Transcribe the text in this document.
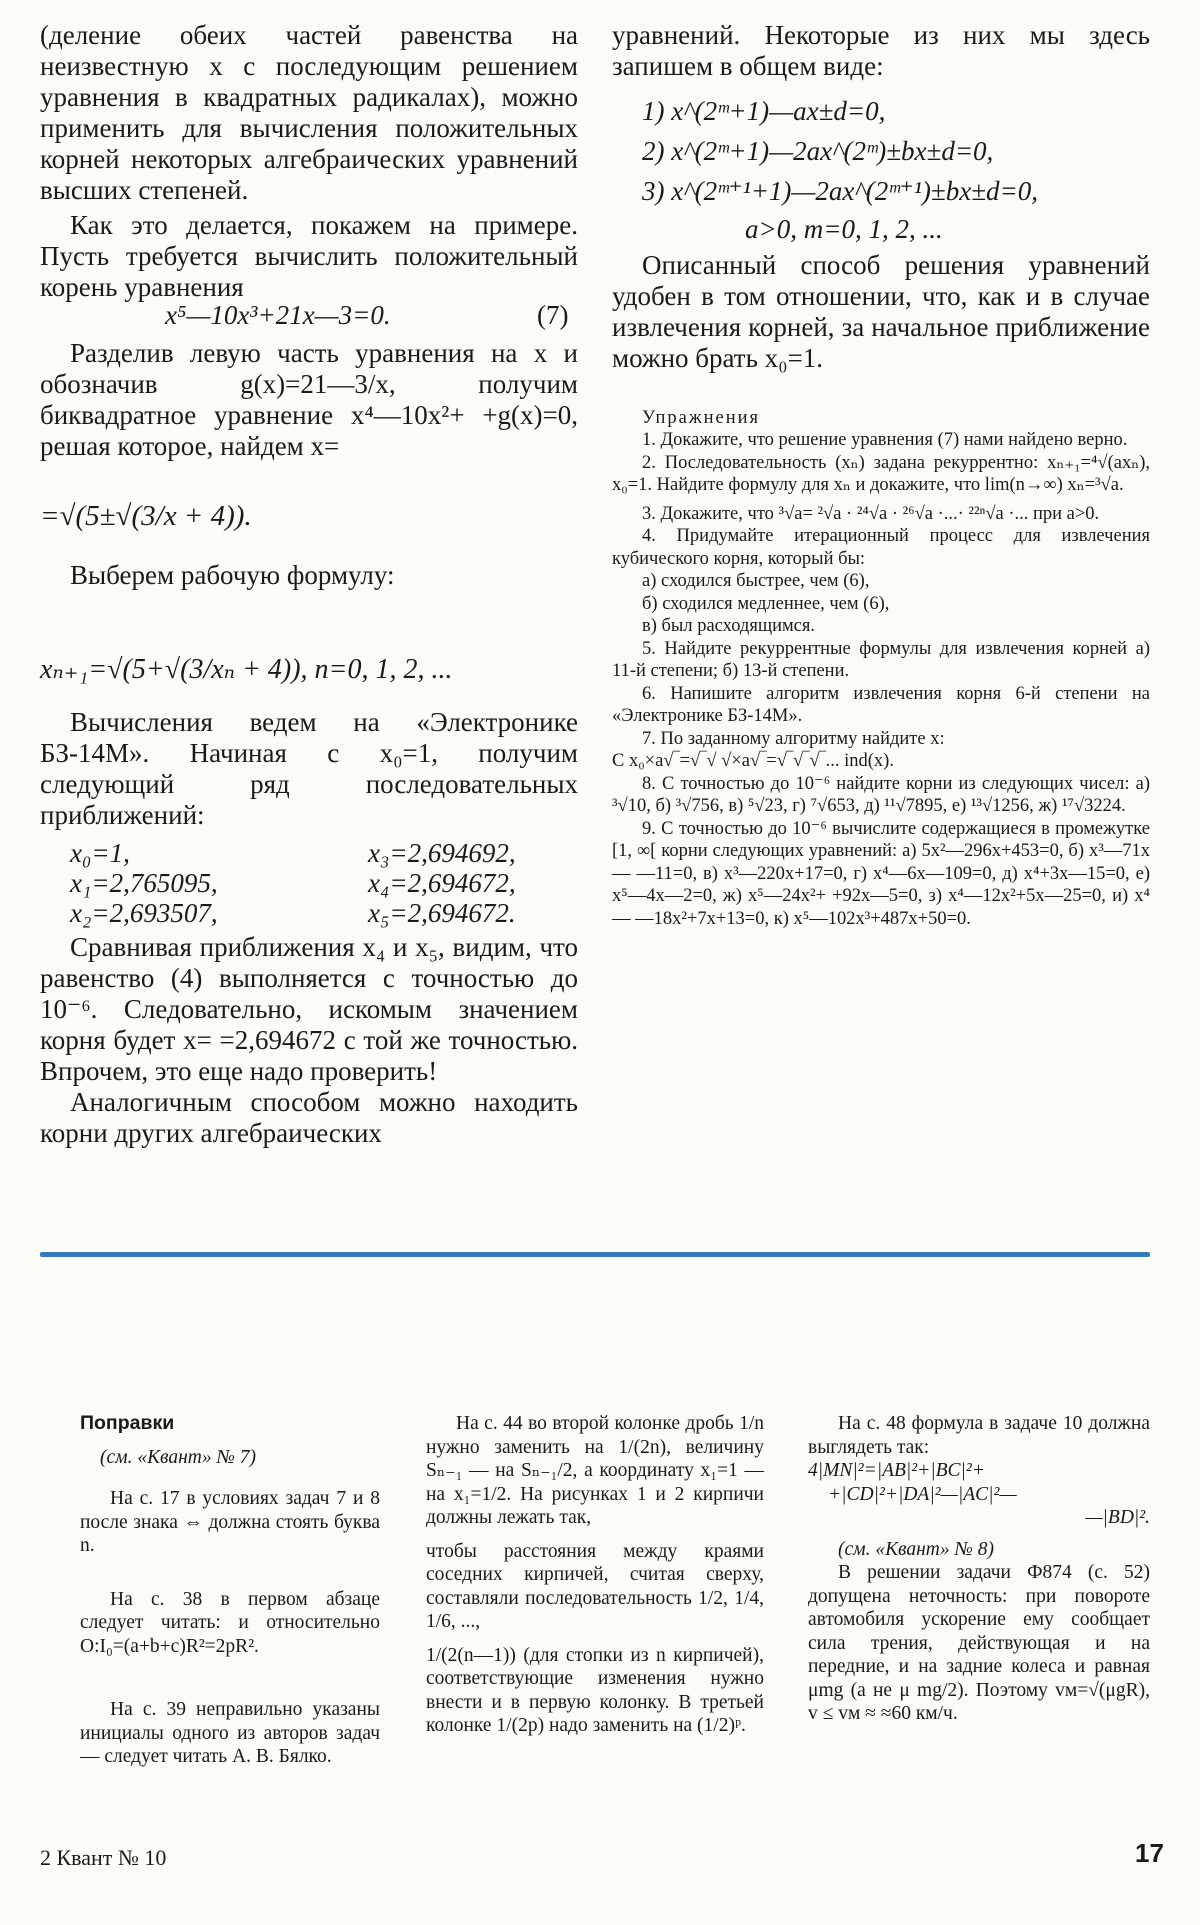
(деление обеих частей равенства на неизвестную x с последующим решением уравнения в квадратных радикалах), можно применить для вычисления положительных корней некоторых алгебраических уравнений высших степеней.

Как это делается, покажем на примере. Пусть требуется вычислить положительный корень уравнения

x⁵—10x³+21x—3=0.	(7)

Разделив левую часть уравнения на x и обозначив g(x)=21—3/x, получим биквадратное уравнение x⁴—10x²+ +g(x)=0, решая которое, найдем x=

=√(5±√(3/x + 4)).

Выберем рабочую формулу:

xₙ₊₁=√(5+√(3/xₙ + 4)), n=0, 1, 2, ...

Вычисления ведем на «Электронике БЗ-14М». Начиная с x₀=1, получим следующий ряд последовательных приближений:

x₀=1,	x₃=2,694692,
x₁=2,765095,	x₄=2,694672,
x₂=2,693507,	x₅=2,694672.

Сравнивая приближения x₄ и x₅, видим, что равенство (4) выполняется с точностью до 10⁻⁶. Следовательно, искомым значением корня будет x= =2,694672 с той же точностью. Впрочем, это еще надо проверить!

Аналогичным способом можно находить корни других алгебраических

уравнений. Некоторые из них мы здесь запишем в общем виде:

1) x^(2ᵐ+1)—ax±d=0,
2) x^(2ᵐ+1)—2ax^(2ᵐ)±bx±d=0,
3) x^(2ᵐ⁺¹+1)—2ax^(2ᵐ⁺¹)±bx±d=0,
a>0, m=0, 1, 2, ...

Описанный способ решения уравнений удобен в том отношении, что, как и в случае извлечения корней, за начальное приближение можно брать x₀=1.

Упражнения

1. Докажите, что решение уравнения (7) нами найдено верно.

2. Последовательность (xₙ) задана рекуррентно: xₙ₊₁=⁴√(axₙ), x₀=1. Найдите формулу для xₙ и докажите, что lim(n→∞) xₙ=³√a.

3. Докажите, что ³√a= ²√a · ²⁴√a · ²⁶√a ·...· ²²ⁿ√a ·... при a>0.

4. Придумайте итерационный процесс для извлечения кубического корня, который бы:

а) сходился быстрее, чем (6),

б) сходился медленнее, чем (6),

в) был расходящимся.

5. Найдите рекуррентные формулы для извлечения корней а) 11-й степени; б) 13-й степени.

6. Напишите алгоритм извлечения корня 6-й степени на «Электронике БЗ-14М».

7. По заданному алгоритму найдите x:

C x₀×a√‾=√‾√ √×a√‾=√‾√‾√‾... ind(x).

8. С точностью до 10⁻⁶ найдите корни из следующих чисел: а) ³√10, б) ³√756, в) ⁵√23, г) ⁷√653, д) ¹¹√7895, е) ¹³√1256, ж) ¹⁷√3224.

9. С точностью до 10⁻⁶ вычислите содержащиеся в промежутке [1, ∞[ корни следующих уравнений: а) 5x²—296x+453=0, б) x³—71x— —11=0, в) x³—220x+17=0, г) x⁴—6x—109=0, д) x⁴+3x—15=0, е) x⁵—4x—2=0, ж) x⁵—24x²+ +92x—5=0, з) x⁴—12x²+5x—25=0, и) x⁴— —18x²+7x+13=0, к) x⁵—102x³+487x+50=0.

Поправки

(см. «Квант» № 7)

На с. 17 в условиях задач 7 и 8 после знака ⇔ должна стоять буква n.

На с. 38 в первом абзаце следует читать: и относительно O:I₀=(a+b+c)R²=2pR².

На с. 39 неправильно указаны инициалы одного из авторов задач — следует читать А. В. Бялко.

На с. 44 во второй колонке дробь 1/n нужно заменить на 1/(2n), величину Sₙ₋₁ — на Sₙ₋₁/2, а координату x₁=1 — на x₁=1/2. На рисунках 1 и 2 кирпичи должны лежать так,

чтобы расстояния между краями соседних кирпичей, считая сверху, составляли последовательность 1/2, 1/4, 1/6, ...,

1/(2(n—1)) (для стопки из n кирпичей), соответствующие изменения нужно внести и в первую колонку. В третьей колонке 1/(2p) надо заменить на (1/2)ᵖ.

На с. 48 формула в задаче 10 должна выглядеть так:

4|MN|²=|AB|²+|BC|²+

+|CD|²+|DA|²—|AC|²—

—|BD|².

(см. «Квант» № 8)

В решении задачи Ф874 (с. 52) допущена неточность: при повороте автомобиля ускорение ему сообщает сила трения, действующая и на передние, и на задние колеса и равная μmg (а не μ mg/2). Поэтому vм=√(μgR), v ≤ vм ≈ ≈60 км/ч.

2 Квант № 10	17
